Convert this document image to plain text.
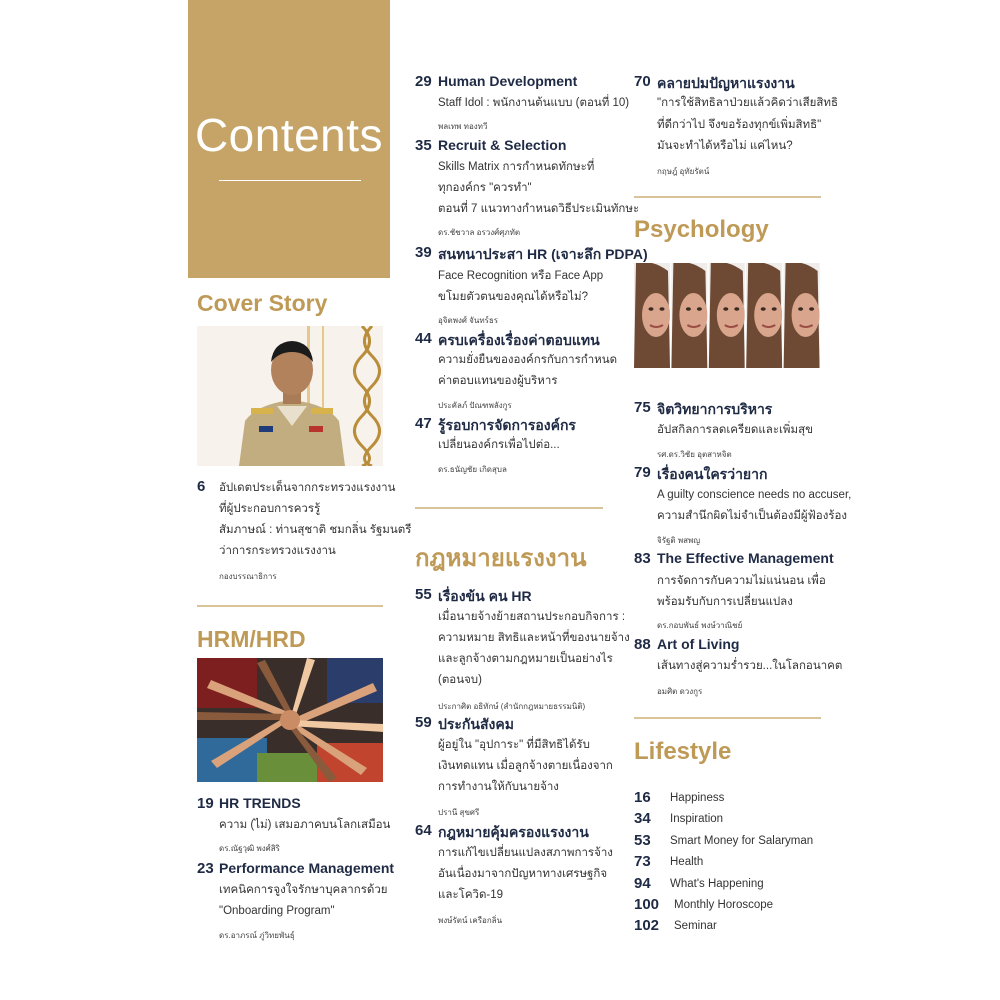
Contents
Cover Story
6 อัปเดตประเด็นจากกระทรวงแรงงาน
ที่ผู้ประกอบการควรรู้
สัมภาษณ์ : ท่านสุชาติ ชมกลิ่น รัฐมนตรี
ว่าการกระทรวงแรงงาน
กองบรรณาธิการ
HRM/HRD
19 HR TRENDS
ความ (ไม่) เสมอภาคบนโลกเสมือน
ดร.ณัฐวุฒิ พงศ์สิริ
23 Performance Management
เทคนิคการจูงใจรักษาบุคลากรด้วย
"Onboarding Program"
ดร.อาภรณ์ ภู่วิทยพันธุ์
29 Human Development
Staff Idol : พนักงานต้นแบบ (ตอนที่ 10)
พลเทพ ทองทวี
35 Recruit & Selection
Skills Matrix การกำหนดทักษะที่
ทุกองค์กร "ควรทำ"
ตอนที่ 7 แนวทางกำหนดวิธีประเมินทักษะ
ดร.ชัชวาล อรวงศ์ศุภทัต
39 สนทนาประสา HR (เจาะลึก PDPA)
Face Recognition หรือ Face App
ขโมยตัวตนของคุณได้หรือไม่?
อุจิตพงศ์ จันทร์ธร
44 ครบเครื่องเรื่องค่าตอบแทน
ความยั่งยืนขององค์กรกับการกำหนด
ค่าตอบแทนของผู้บริหาร
ประคัลภ์ ปัณฑพลังกูร
47 รู้รอบการจัดการองค์กร
เปลี่ยนองค์กรเพื่อไปต่อ...
ดร.ธนัญชัย เกิดสุบล
กฎหมายแรงงาน
55 เรื่องข้น คน HR
เมื่อนายจ้างย้ายสถานประกอบกิจการ :
ความหมาย สิทธิและหน้าที่ของนายจ้าง
และลูกจ้างตามกฎหมายเป็นอย่างไร
(ตอนจบ)
ประกาศิต อธิทักษ์ (สำนักกฎหมายธรรมนิติ)
59 ประกันสังคม
ผู้อยู่ใน "อุปการะ" ที่มีสิทธิได้รับ
เงินทดแทน เมื่อลูกจ้างตายเนื่องจาก
การทำงานให้กับนายจ้าง
ปรานี สุขศรี
64 กฎหมายคุ้มครองแรงงาน
การแก้ไขเปลี่ยนแปลงสภาพการจ้าง
อันเนื่องมาจากปัญหาทางเศรษฐกิจ
และโควิด-19
พงษ์รัตน์ เครือกลิ่น
70 คลายปมปัญหาแรงงาน
"การใช้สิทธิลาป่วยแล้วคิดว่าเสียสิทธิ
ที่ดีกว่าไป จึงขอร้องทุกข์เพิ่มสิทธิ"
มันจะทำได้หรือไม่ แค่ไหน?
กฤษฎ์ อุทัยรัตน์
Psychology
75 จิตวิทยาการบริหาร
อัปสกิลการลดเครียดและเพิ่มสุข
รศ.ดร.วิชัย อุตสาหจิต
79 เรื่องคนใครว่ายาก
A guilty conscience needs no accuser,
ความสำนึกผิดไม่จำเป็นต้องมีผู้ฟ้องร้อง
จิรัฐติ พสพญ
83 The Effective Management
การจัดการกับความไม่แน่นอน เพื่อ
พร้อมรับกับการเปลี่ยนแปลง
ดร.กอบพันธ์ พงษ์วาณิชย์
88 Art of Living
เส้นทางสู่ความร่ำรวย...ในโลกอนาคต
อมศิต ดวงกูร
Lifestyle
16 Happiness
34 Inspiration
53 Smart Money for Salaryman
73 Health
94 What's Happening
100 Monthly Horoscope
102 Seminar
